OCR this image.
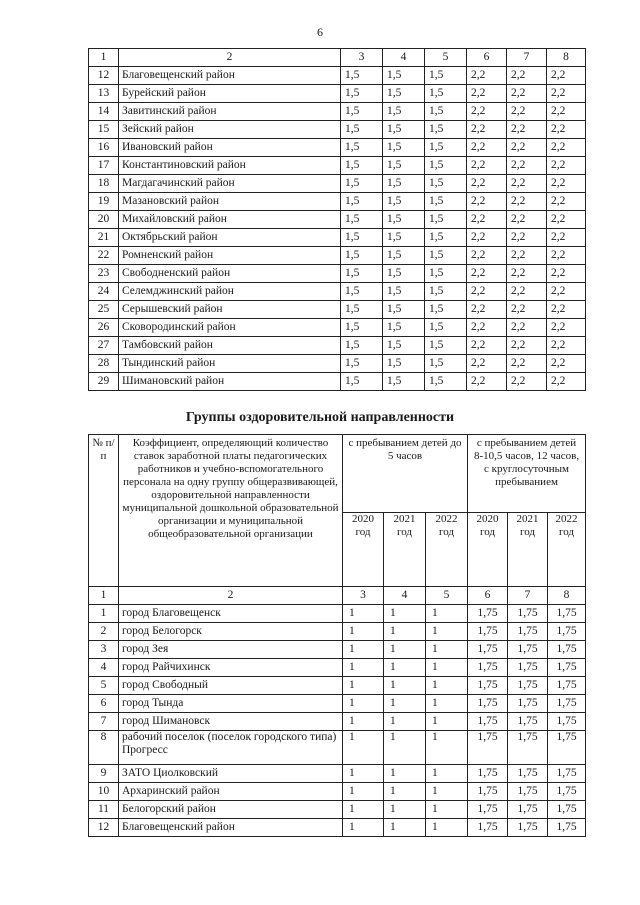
6
1	2	3	4	5	6	7	8
12	Благовещенский район	1,5	1,5	1,5	2,2	2,2	2,2
13	Бурейский район	1,5	1,5	1,5	2,2	2,2	2,2
14	Завитинский район	1,5	1,5	1,5	2,2	2,2	2,2
15	Зейский район	1,5	1,5	1,5	2,2	2,2	2,2
16	Ивановский район	1,5	1,5	1,5	2,2	2,2	2,2
17	Константиновский район	1,5	1,5	1,5	2,2	2,2	2,2
18	Магдагачинский район	1,5	1,5	1,5	2,2	2,2	2,2
19	Мазановский район	1,5	1,5	1,5	2,2	2,2	2,2
20	Михайловский район	1,5	1,5	1,5	2,2	2,2	2,2
21	Октябрьский район	1,5	1,5	1,5	2,2	2,2	2,2
22	Ромненский район	1,5	1,5	1,5	2,2	2,2	2,2
23	Свободненский район	1,5	1,5	1,5	2,2	2,2	2,2
24	Селемджинский район	1,5	1,5	1,5	2,2	2,2	2,2
25	Серышевский район	1,5	1,5	1,5	2,2	2,2	2,2
26	Сковородинский район	1,5	1,5	1,5	2,2	2,2	2,2
27	Тамбовский район	1,5	1,5	1,5	2,2	2,2	2,2
28	Тындинский район	1,5	1,5	1,5	2,2	2,2	2,2
29	Шимановский район	1,5	1,5	1,5	2,2	2,2	2,2
Группы оздоровительной направленности
№ п/п	Коэффициент, определяющий количество ставок заработной платы педагогических работников и учебно-вспомогательного персонала на одну группу общеразвивающей, оздоровительной направленности муниципальной дошкольной образовательной организации и муниципальной общеобразовательной организации	с пребыванием детей до 5 часов			с пребыванием детей 8-10,5 часов, 12 часов, с круглосуточным пребыванием		
		2020 год	2021 год	2022 год	2020 год	2021 год	2022 год
1	2	3	4	5	6	7	8
1	город Благовещенск	1	1	1	1,75	1,75	1,75
2	город Белогорск	1	1	1	1,75	1,75	1,75
3	город Зея	1	1	1	1,75	1,75	1,75
4	город Райчихинск	1	1	1	1,75	1,75	1,75
5	город Свободный	1	1	1	1,75	1,75	1,75
6	город Тында	1	1	1	1,75	1,75	1,75
7	город Шимановск	1	1	1	1,75	1,75	1,75
8	рабочий поселок (поселок городского типа) Прогресс	1	1	1	1,75	1,75	1,75
9	ЗАТО Циолковский	1	1	1	1,75	1,75	1,75
10	Архаринский район	1	1	1	1,75	1,75	1,75
11	Белогорский район	1	1	1	1,75	1,75	1,75
12	Благовещенский район	1	1	1	1,75	1,75	1,75
